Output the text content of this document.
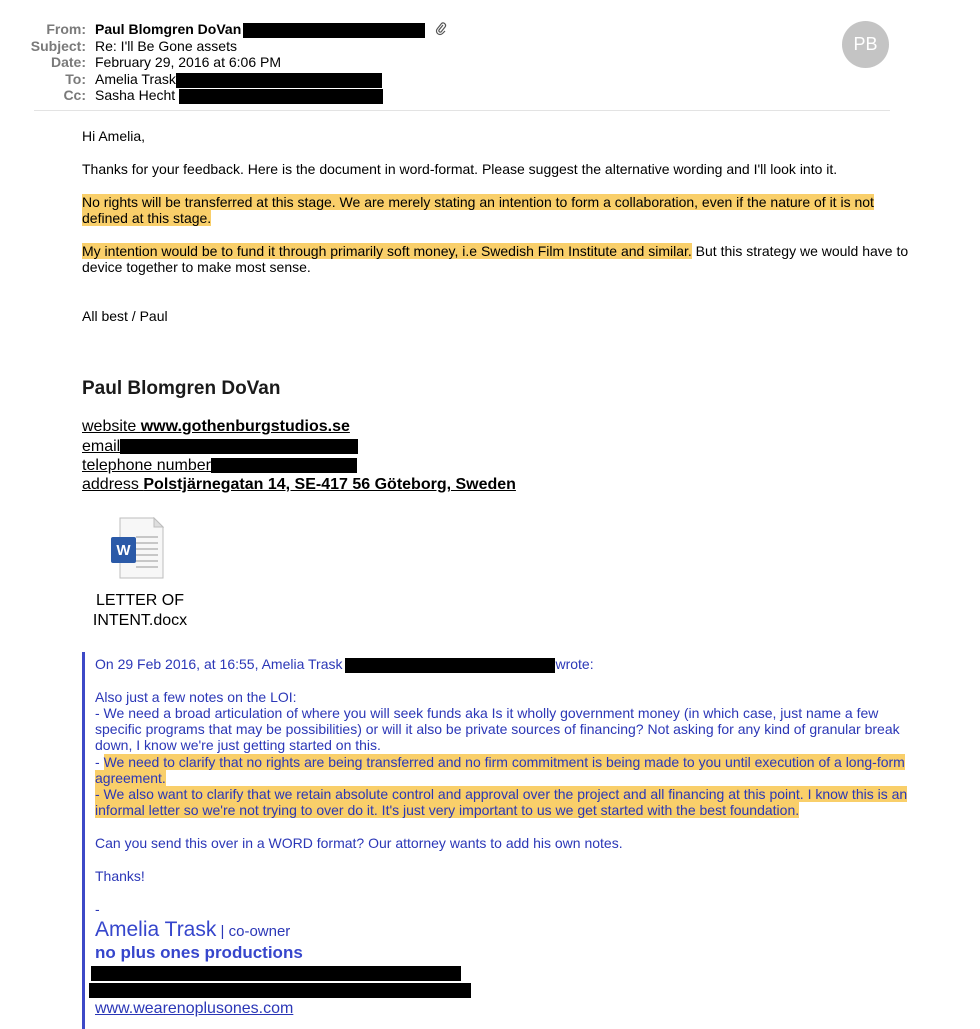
From: Paul Blomgren DoVan
Subject: Re: I'll Be Gone assets
Date: February 29, 2016 at 6:06 PM
To: Amelia Trask
Cc: Sasha Hecht
PB
Hi Amelia,
Thanks for your feedback. Here is the document in word-format. Please suggest the alternative wording and I'll look into it.
No rights will be transferred at this stage. We are merely stating an intention to form a collaboration, even if the nature of it is not
defined at this stage.
My intention would be to fund it through primarily soft money, i.e Swedish Film Institute and similar. But this strategy we would have to
device together to make most sense.
All best / Paul
Paul Blomgren DoVan
website www.gothenburgstudios.se
email
telephone number
address Polstjärnegatan 14, SE-417 56 Göteborg, Sweden
W
LETTER OF
INTENT.docx
On 29 Feb 2016, at 16:55, Amelia Trask	wrote:
Also just a few notes on the LOI:
- We need a broad articulation of where you will seek funds aka Is it wholly government money (in which case, just name a few
specific programs that may be possibilities) or will it also be private sources of financing? Not asking for any kind of granular break
down, I know we're just getting started on this.
- We need to clarify that no rights are being transferred and no firm commitment is being made to you until execution of a long-form
agreement.
- We also want to clarify that we retain absolute control and approval over the project and all financing at this point. I know this is an
informal letter so we're not trying to over do it. It's just very important to us we get started with the best foundation.
Can you send this over in a WORD format? Our attorney wants to add his own notes.
Thanks!
-
Amelia Trask | co-owner
no plus ones productions
www.wearenoplusones.com
